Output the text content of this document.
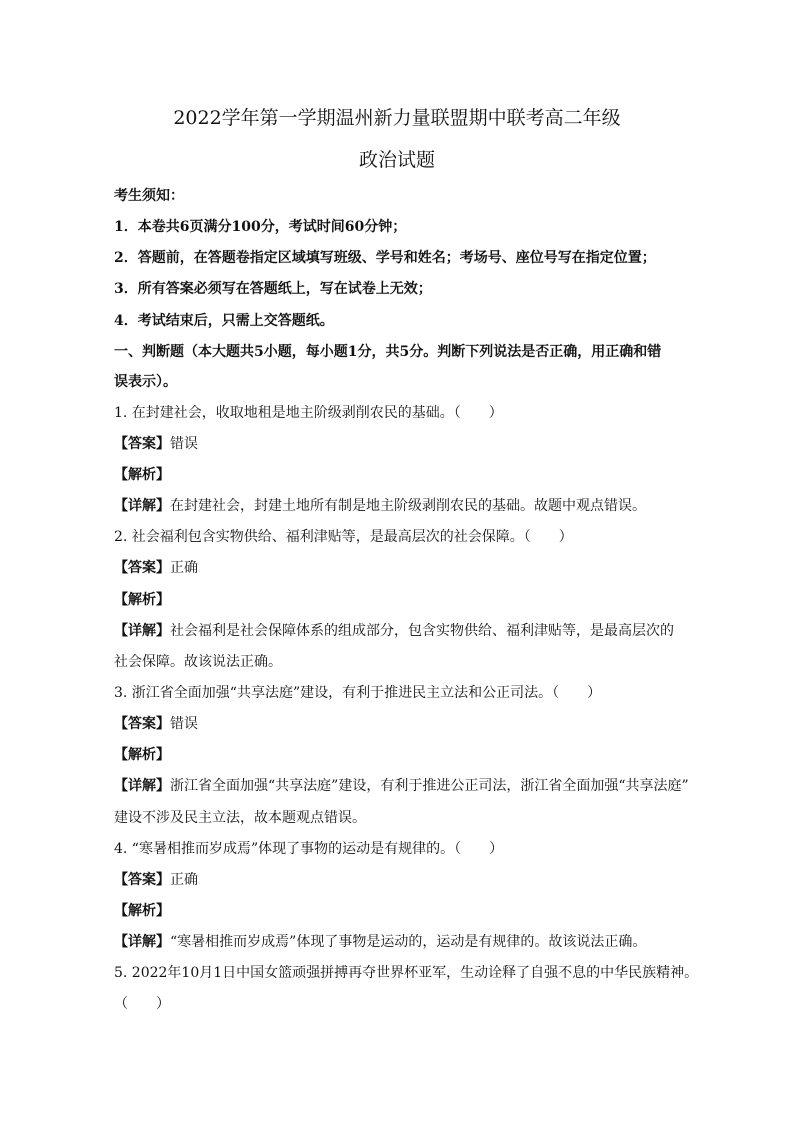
2022学年第一学期温州新力量联盟期中联考高二年级
政治试题
考生须知：
1．本卷共6页满分100分，考试时间60分钟；
2．答题前，在答题卷指定区域填写班级、学号和姓名；考场号、座位号写在指定位置；
3．所有答案必须写在答题纸上，写在试卷上无效；
4．考试结束后，只需上交答题纸。
一、判断题（本大题共5小题，每小题1分，共5分。判断下列说法是否正确，用正确和错
误表示）。
1. 在封建社会，收取地租是地主阶级剥削农民的基础。（　　）
【答案】错误
【解析】
【详解】在封建社会，封建土地所有制是地主阶级剥削农民的基础。故题中观点错误。
2. 社会福利包含实物供给、福利津贴等，是最高层次的社会保障。（　　）
【答案】正确
【解析】
【详解】社会福利是社会保障体系的组成部分，包含实物供给、福利津贴等，是最高层次的
社会保障。故该说法正确。
3. 浙江省全面加强“共享法庭”建设，有利于推进民主立法和公正司法。（　　）
【答案】错误
【解析】
【详解】浙江省全面加强“共享法庭”建设，有利于推进公正司法，浙江省全面加强“共享法庭”
建设不涉及民主立法，故本题观点错误。
4. “寒暑相推而岁成焉”体现了事物的运动是有规律的。（　　）
【答案】正确
【解析】
【详解】“寒暑相推而岁成焉”体现了事物是运动的，运动是有规律的。故该说法正确。
5. 2022年10月1日中国女篮顽强拼搏再夺世界杯亚军，生动诠释了自强不息的中华民族精神。
（　　）
